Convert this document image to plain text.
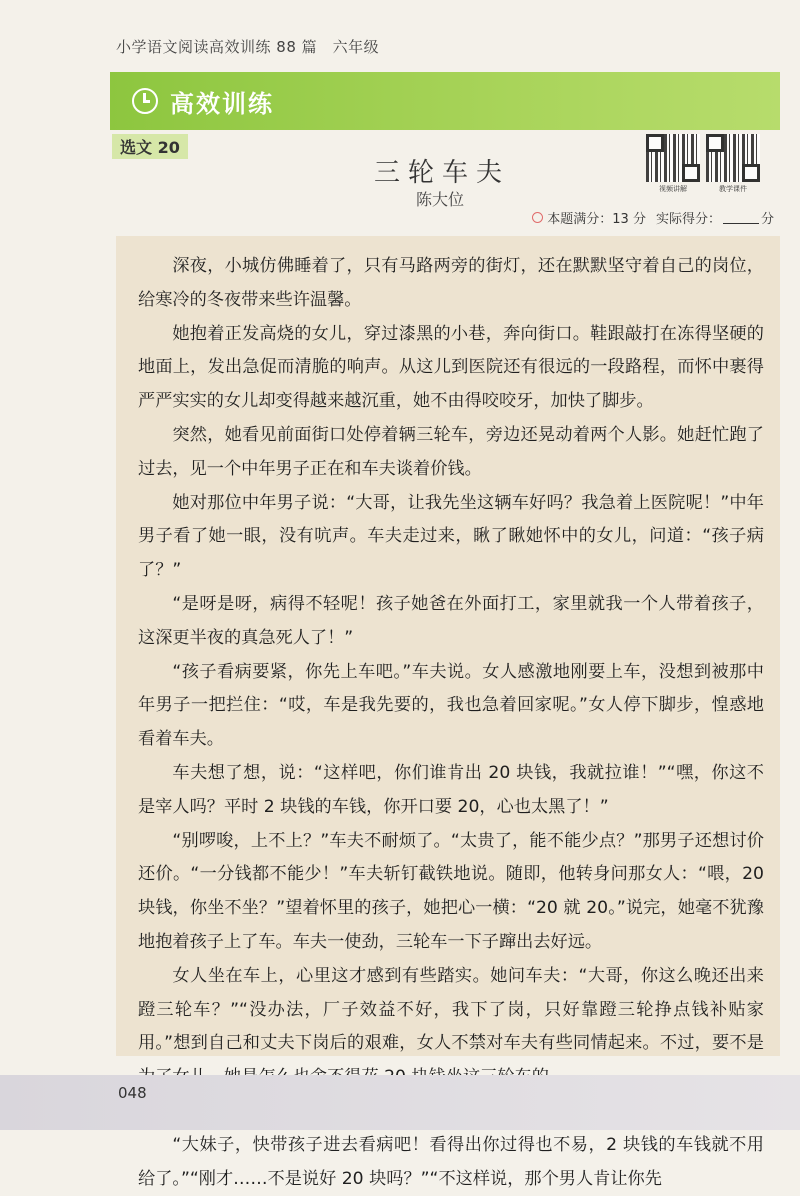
小学语文阅读高效训练 88 篇　六年级
高效训练
选文 20
三轮车夫
陈大位
视频讲解	教学课件
本题满分：13 分 实际得分：	分

深夜，小城仿佛睡着了，只有马路两旁的街灯，还在默默坚守着自己的岗位，给寒冷的冬夜带来些许温馨。

她抱着正发高烧的女儿，穿过漆黑的小巷，奔向街口。鞋跟敲打在冻得坚硬的地面上，发出急促而清脆的响声。从这儿到医院还有很远的一段路程，而怀中裹得严严实实的女儿却变得越来越沉重，她不由得咬咬牙，加快了脚步。

突然，她看见前面街口处停着辆三轮车，旁边还晃动着两个人影。她赶忙跑了过去，见一个中年男子正在和车夫谈着价钱。

她对那位中年男子说：“大哥，让我先坐这辆车好吗？我急着上医院呢！”中年男子看了她一眼，没有吭声。车夫走过来，瞅了瞅她怀中的女儿，问道：“孩子病了？”

“是呀是呀，病得不轻呢！孩子她爸在外面打工，家里就我一个人带着孩子，这深更半夜的真急死人了！”

“孩子看病要紧，你先上车吧。”车夫说。女人感激地刚要上车，没想到被那中年男子一把拦住：“哎，车是我先要的，我也急着回家呢。”女人停下脚步，惶惑地看着车夫。

车夫想了想，说：“这样吧，你们谁肯出 20 块钱，我就拉谁！”“嘿，你这不是宰人吗？平时 2 块钱的车钱，你开口要 20，心也太黑了！”

“别啰唆，上不上？”车夫不耐烦了。“太贵了，能不能少点？”那男子还想讨价还价。“一分钱都不能少！”车夫斩钉截铁地说。随即，他转身问那女人：“喂，20 块钱，你坐不坐？”望着怀里的孩子，她把心一横：“20 就 20。”说完，她毫不犹豫地抱着孩子上了车。车夫一使劲，三轮车一下子蹿出去好远。

女人坐在车上，心里这才感到有些踏实。她问车夫：“大哥，你这么晚还出来蹬三轮车？”“没办法，厂子效益不好，我下了岗，只好靠蹬三轮挣点钱补贴家用。”想到自己和丈夫下岗后的艰难，女人不禁对车夫有些同情起来。不过，要不是

“大妹子，快带孩子进去看病吧！看得出你过得也不易，2 块钱的车钱就不用给了。”“刚才……不是说好 20 块吗？”“不这样说，那个男人肯让你先

048
